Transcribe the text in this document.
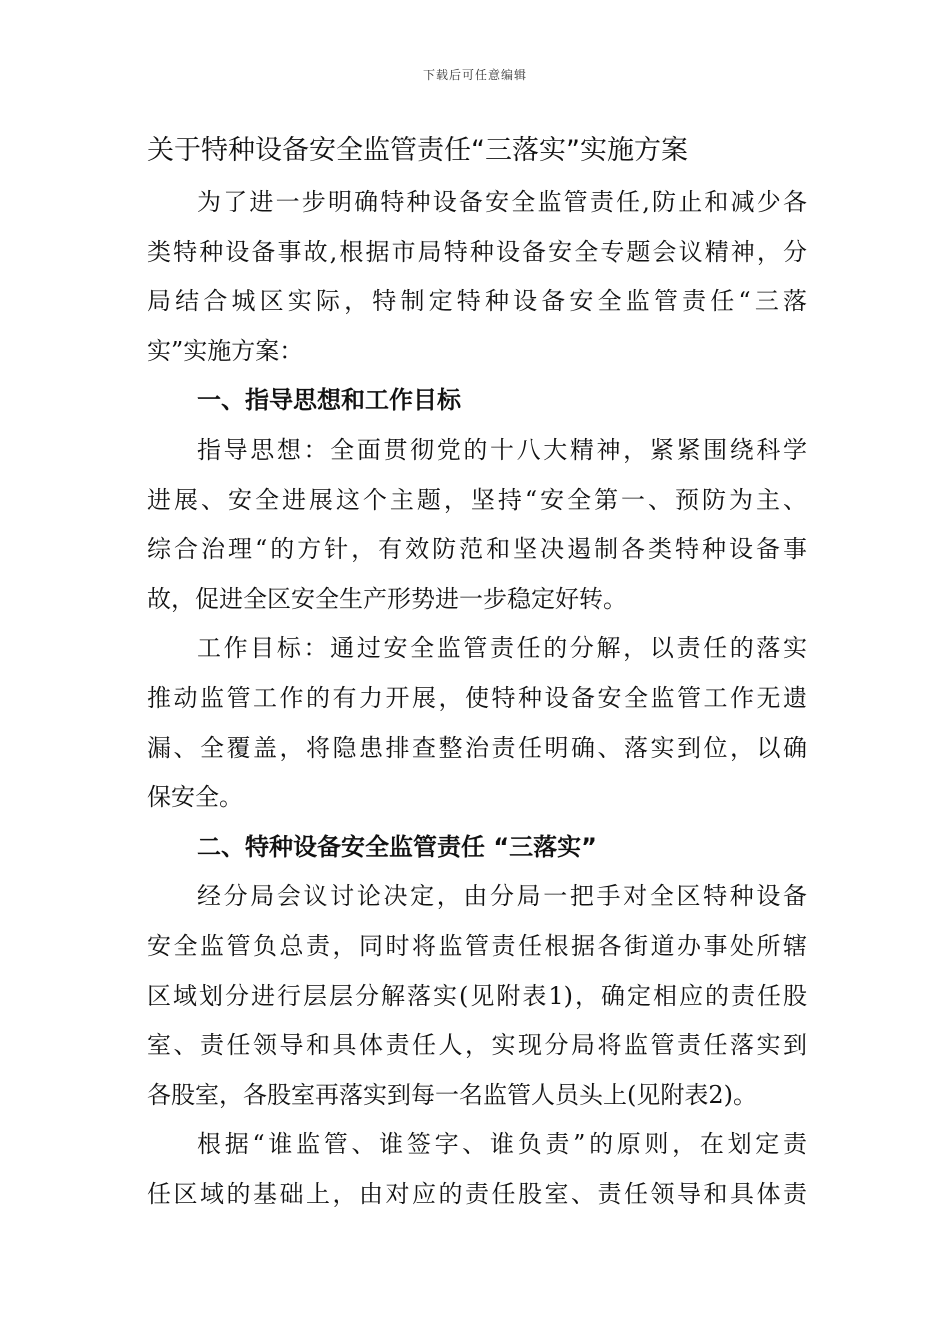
下载后可任意编辑
关于特种设备安全监管责任“三落实”实施方案
为了进一步明确特种设备安全监管责任,防止和减少各
类特种设备事故,根据市局特种设备安全专题会议精神，分
局结合城区实际，特制定特种设备安全监管责任“三落
实”实施方案：
一、指导思想和工作目标
指导思想：全面贯彻党的十八大精神，紧紧围绕科学
进展、安全进展这个主题，坚持“安全第一、预防为主、
综合治理“的方针，有效防范和坚决遏制各类特种设备事
故，促进全区安全生产形势进一步稳定好转。
工作目标：通过安全监管责任的分解，以责任的落实
推动监管工作的有力开展，使特种设备安全监管工作无遗
漏、全覆盖，将隐患排查整治责任明确、落实到位，以确
保安全。
二、特种设备安全监管责任 “三落实”
经分局会议讨论决定，由分局一把手对全区特种设备
安全监管负总责，同时将监管责任根据各街道办事处所辖
区域划分进行层层分解落实(见附表1)，确定相应的责任股
室、责任领导和具体责任人，实现分局将监管责任落实到
各股室，各股室再落实到每一名监管人员头上(见附表2)。
根据“谁监管、谁签字、谁负责”的原则，在划定责
任区域的基础上，由对应的责任股室、责任领导和具体责
